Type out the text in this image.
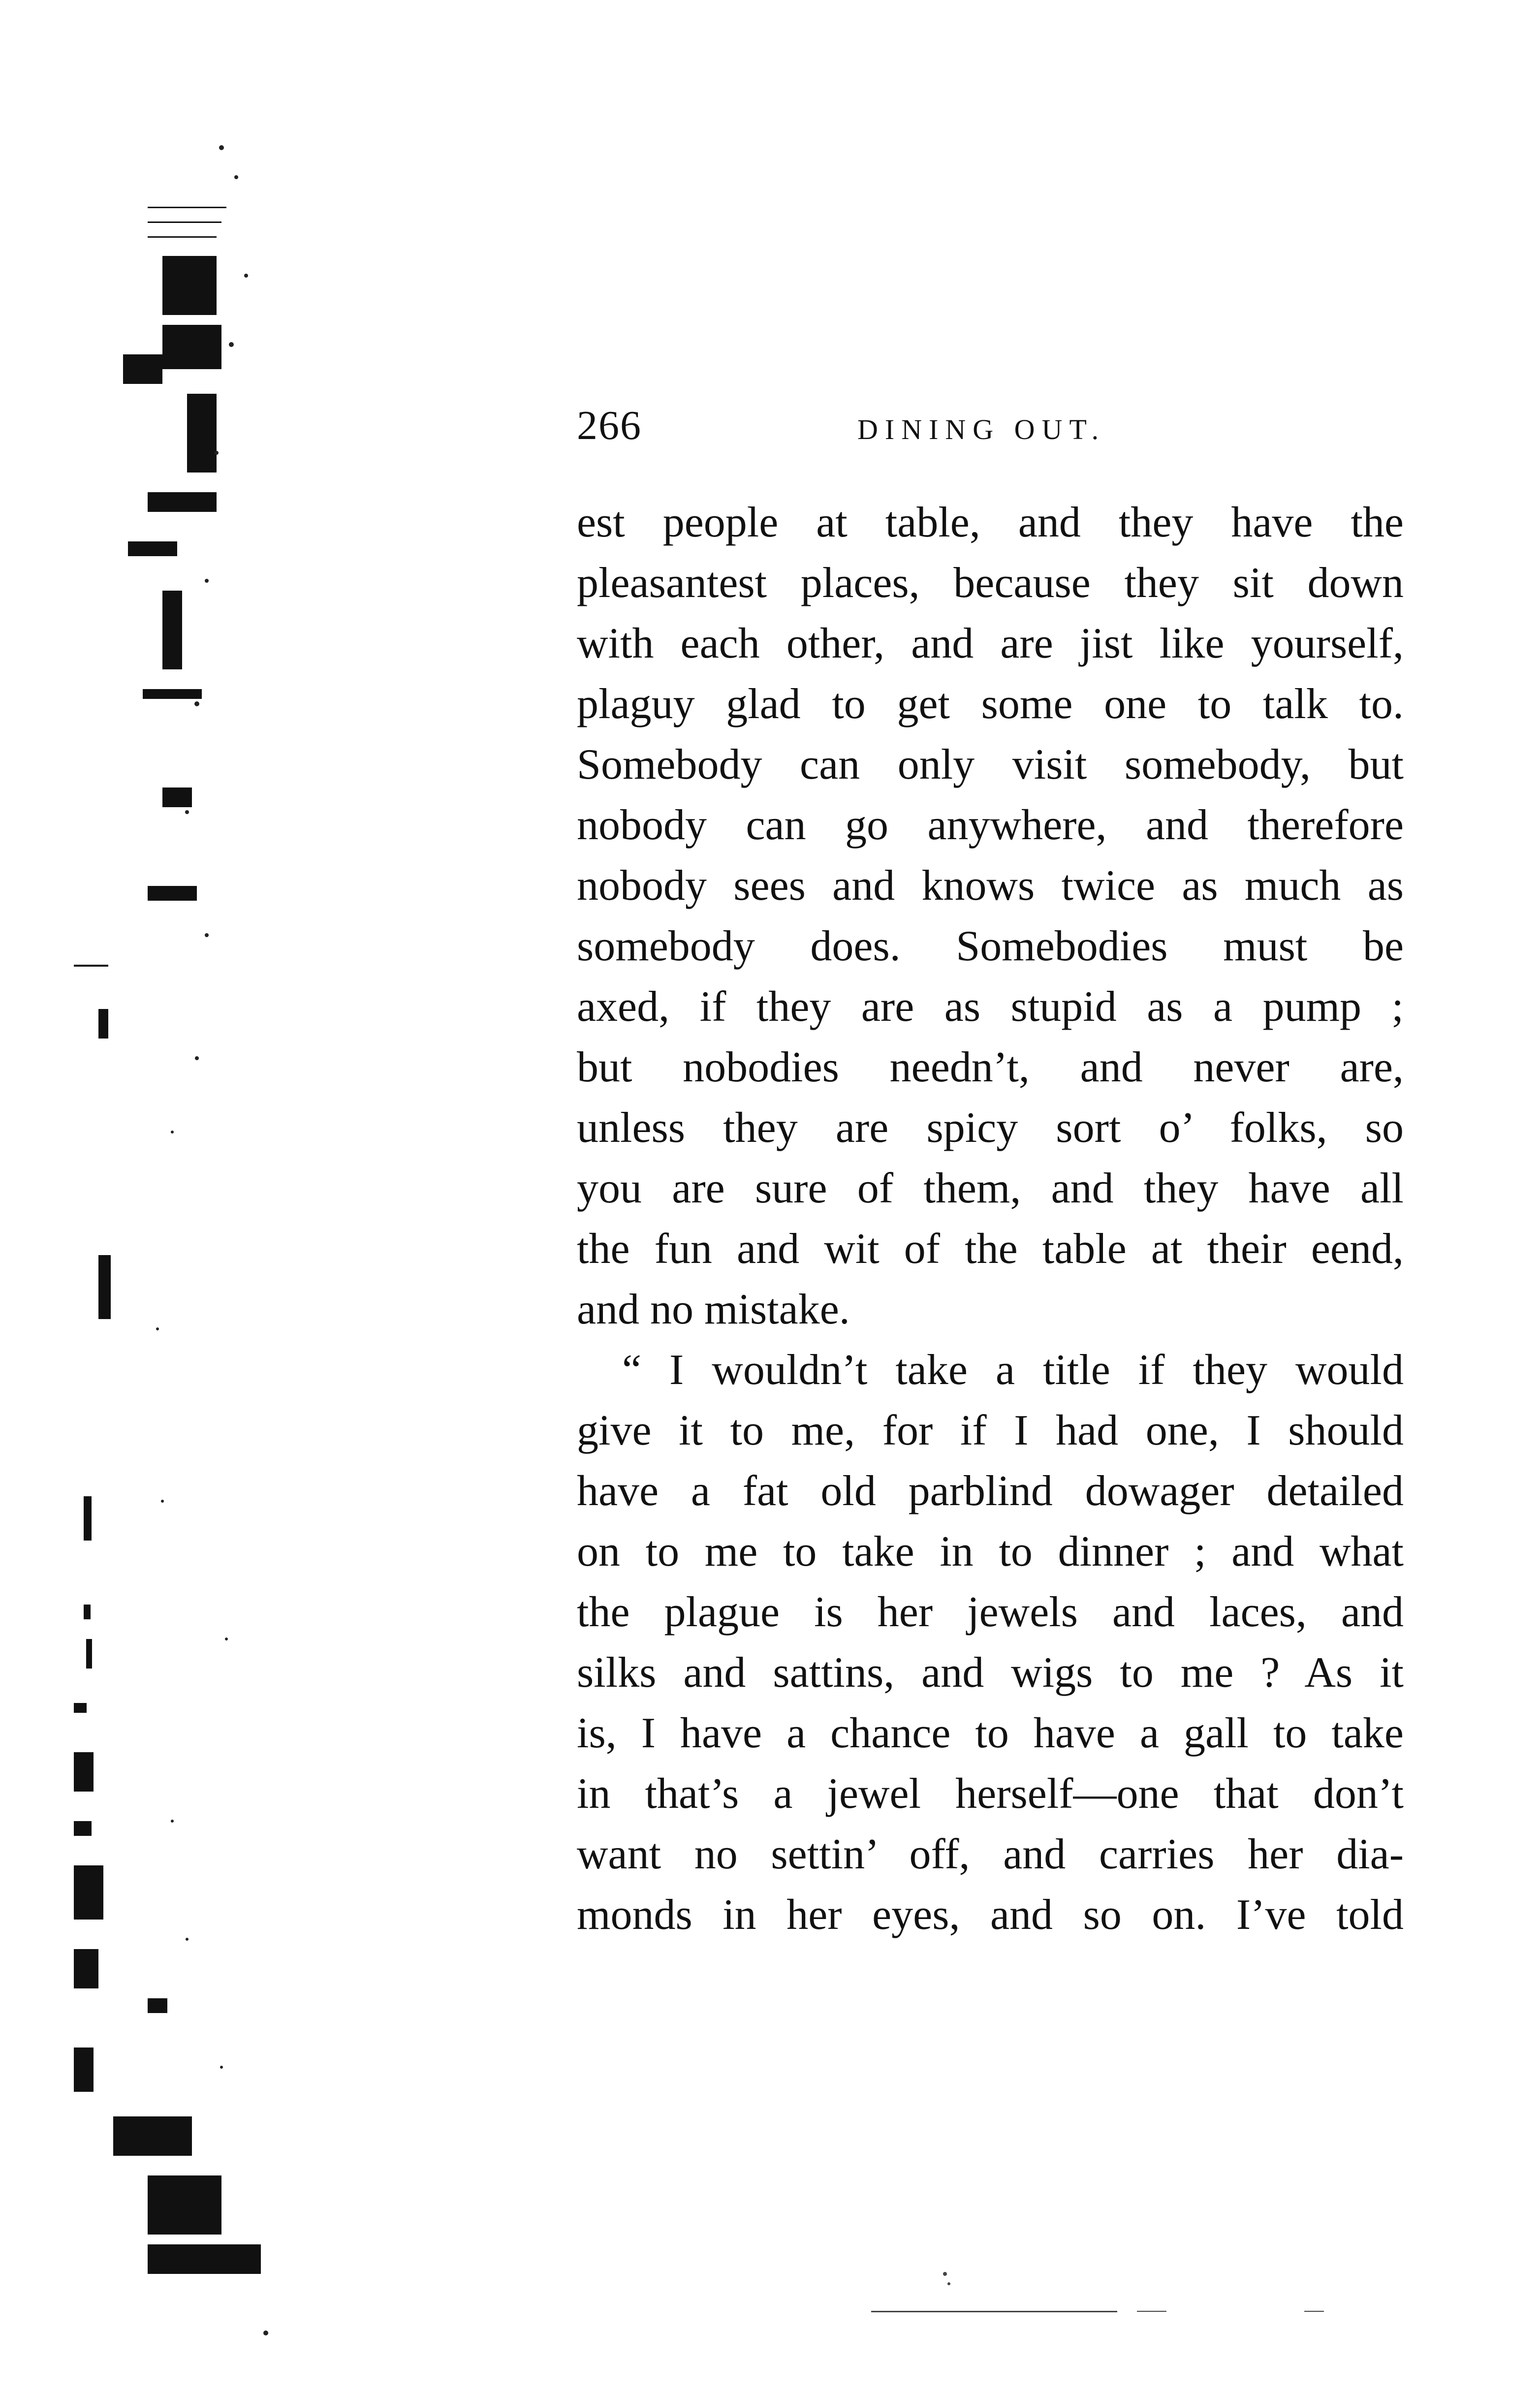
266	DINING OUT.
est people at table, and they have the
pleasantest places, because they sit down
with each other, and are jist like yourself,
plaguy glad to get some one to talk to.
Somebody can only visit somebody, but
nobody can go anywhere, and therefore
nobody sees and knows twice as much as
somebody does. Somebodies must be
axed, if they are as stupid as a pump ;
but nobodies needn’t, and never are,
unless they are spicy sort o’ folks, so
you are sure of them, and they have all
the fun and wit of the table at their eend,
and no mistake.
“ I wouldn’t take a title if they would
give it to me, for if I had one, I should
have a fat old parblind dowager detailed
on to me to take in to dinner ; and what
the plague is her jewels and laces, and
silks and sattins, and wigs to me ? As it
is, I have a chance to have a gall to take
in that’s a jewel herself—one that don’t
want no settin’ off, and carries her dia-
monds in her eyes, and so on. I’ve told
